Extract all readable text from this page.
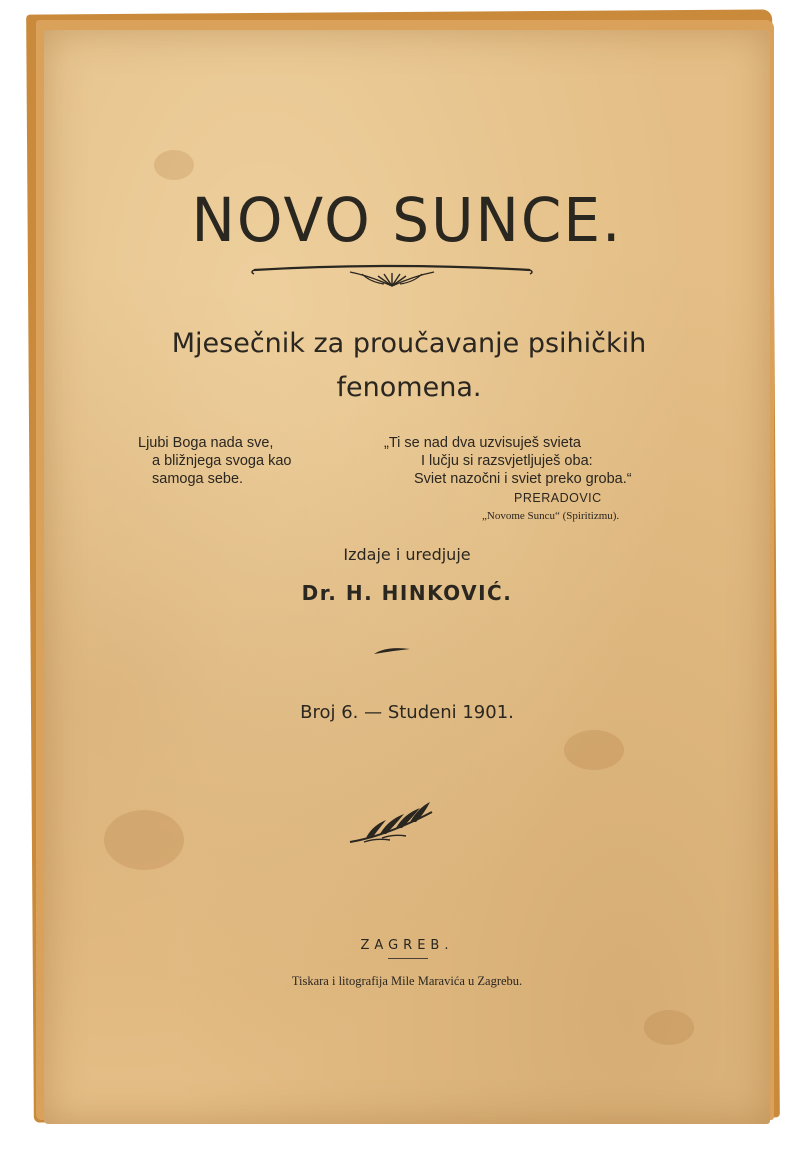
NOVO SUNCE.
Mjesečnik za proučavanje psihičkih
fenomena.
Ljubi Boga nada sve,
a bližnjega svoga kao
samoga sebe.
„Ti se nad dva uzvisuješ svieta
I lučju si razsvjetljuješ oba:
Sviet nazočni i sviet preko groba.“
PRERADOVIC
„Novome Suncu“ (Spiritizmu).
Izdaje i uredjuje
Dr. H. HINKOVIĆ.
Broj 6. — Studeni 1901.
ZAGREB.
Tiskara i litografija Mile Maravića u Zagrebu.
